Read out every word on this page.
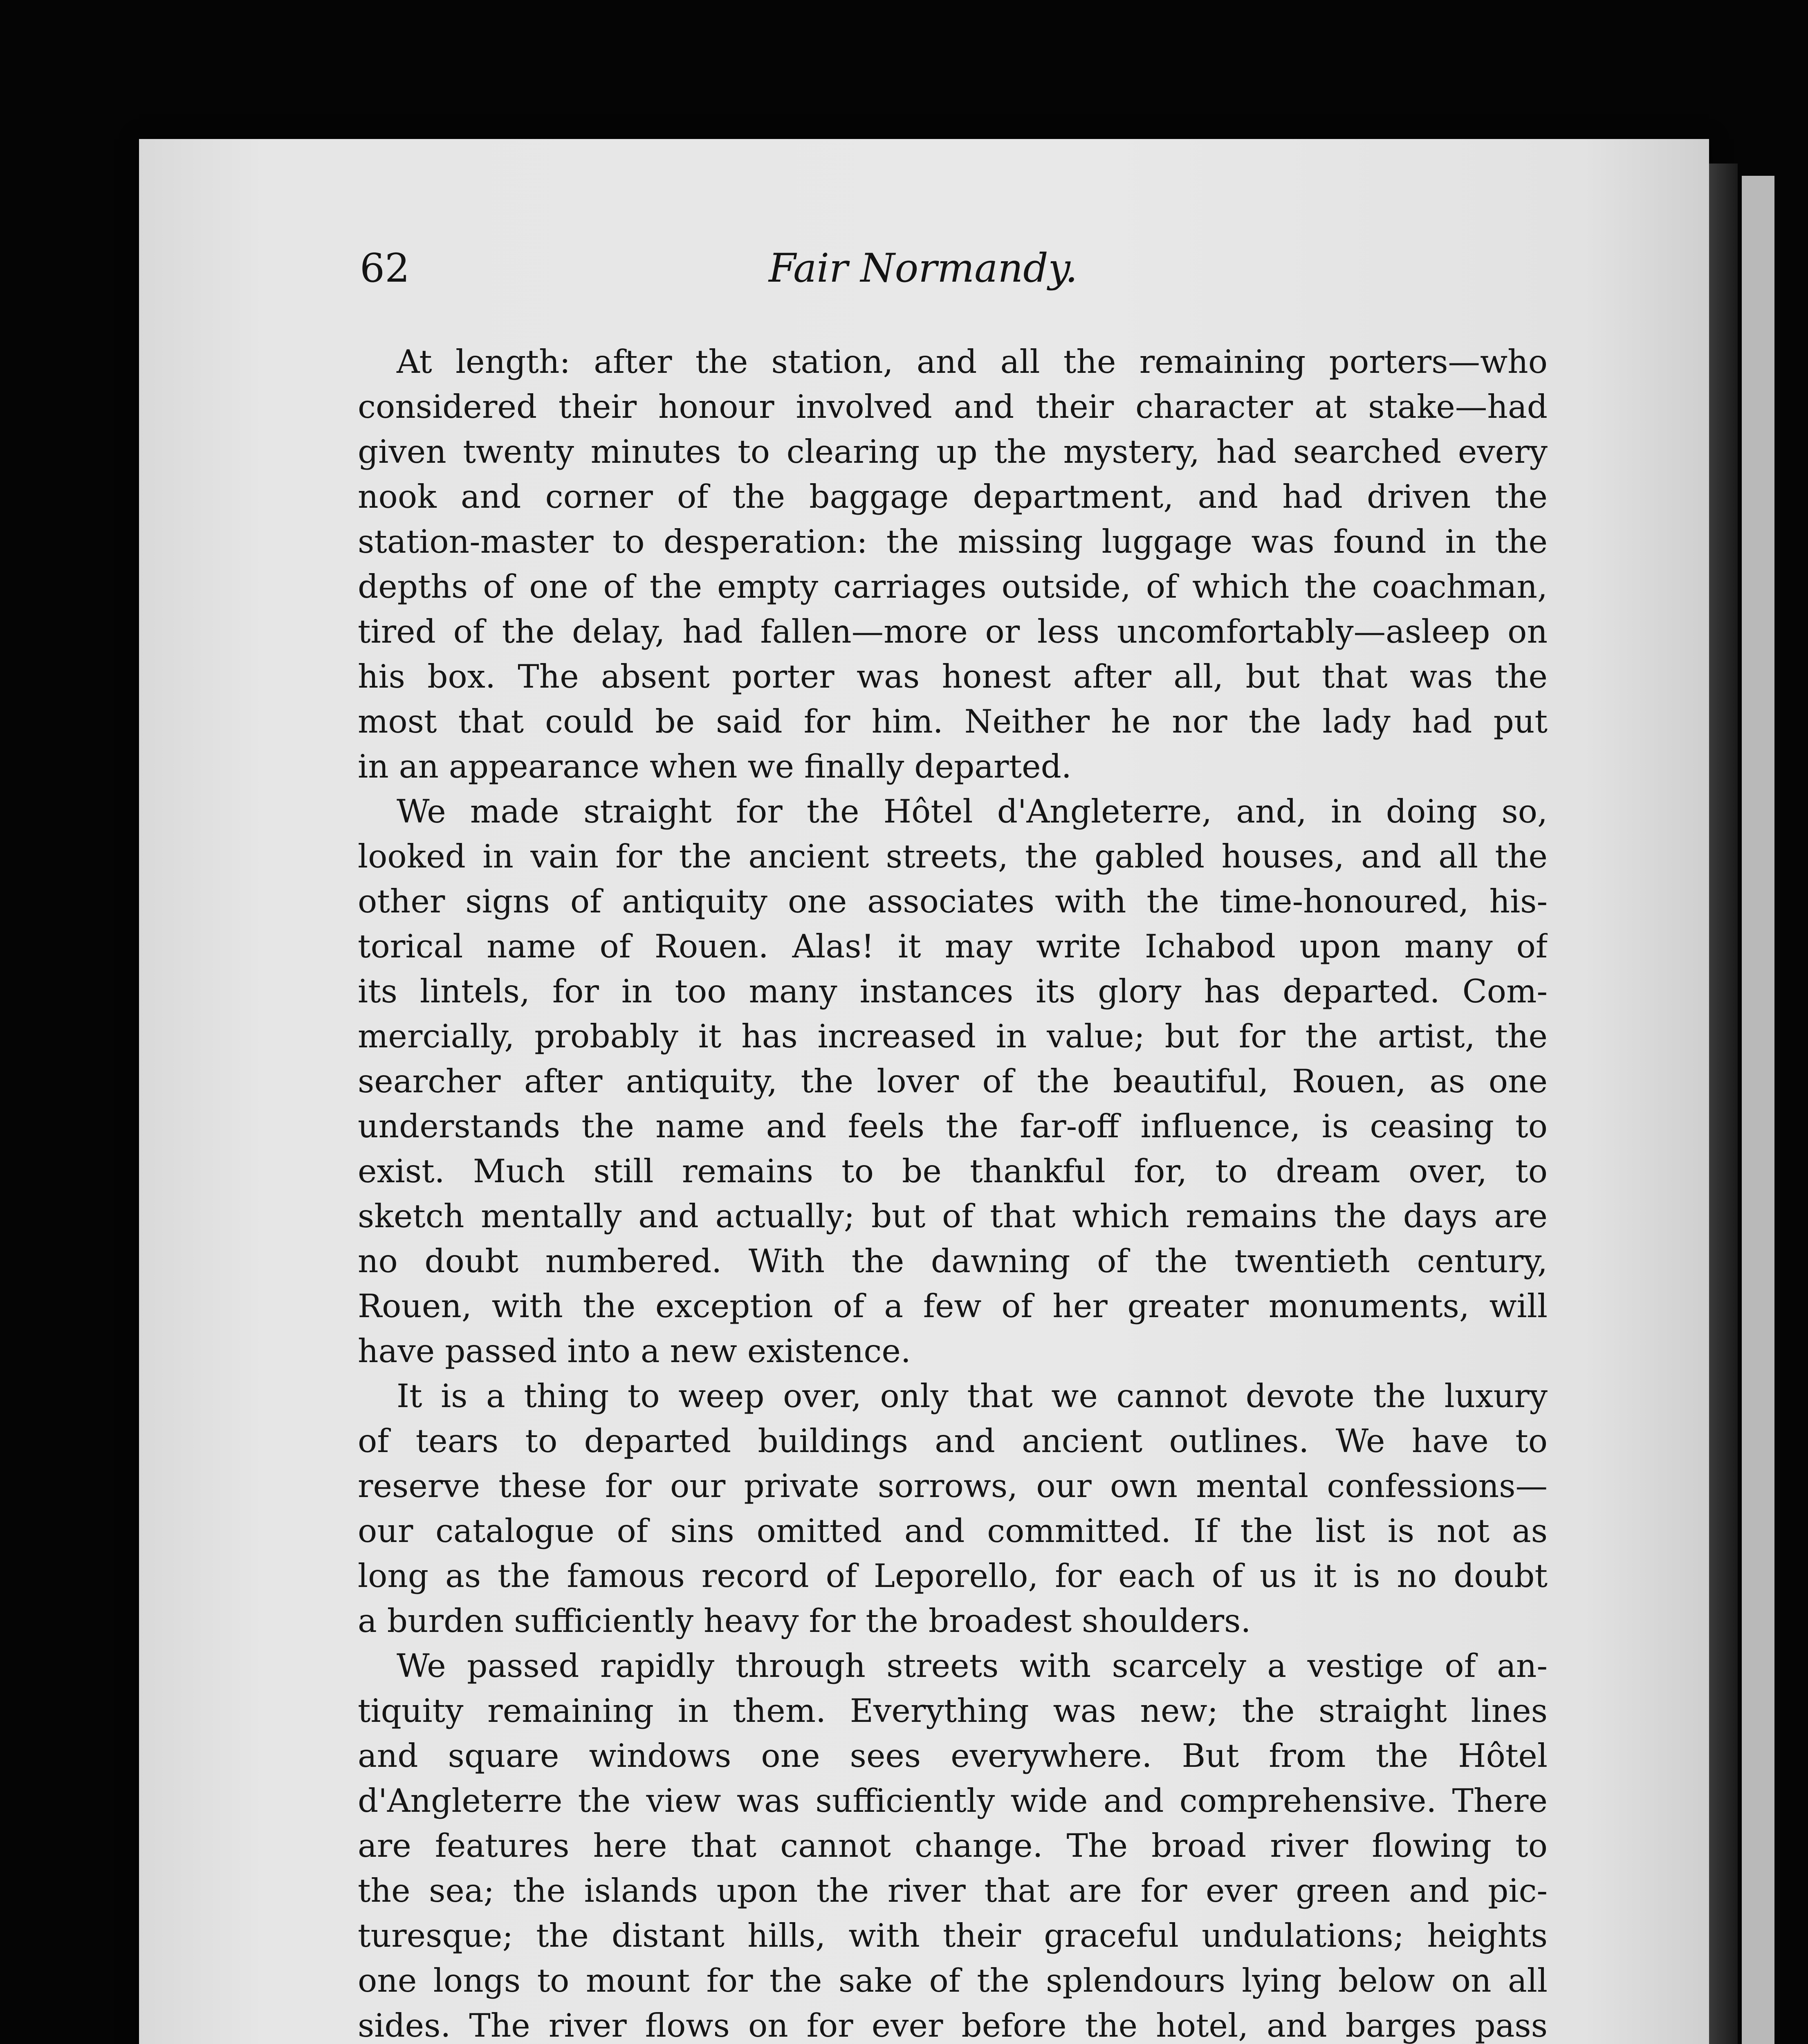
62	Fair Normandy.
At length: after the station, and all the remaining porters—who
considered their honour involved and their character at stake—had
given twenty minutes to clearing up the mystery, had searched every
nook and corner of the baggage department, and had driven the
station-master to desperation: the missing luggage was found in the
depths of one of the empty carriages outside, of which the coachman,
tired of the delay, had fallen—more or less uncomfortably—asleep on
his box. The absent porter was honest after all, but that was the
most that could be said for him. Neither he nor the lady had put
in an appearance when we finally departed.
We made straight for the Hôtel d'Angleterre, and, in doing so,
looked in vain for the ancient streets, the gabled houses, and all the
other signs of antiquity one associates with the time-honoured, his-
torical name of Rouen. Alas! it may write Ichabod upon many of
its lintels, for in too many instances its glory has departed. Com-
mercially, probably it has increased in value; but for the artist, the
searcher after antiquity, the lover of the beautiful, Rouen, as one
understands the name and feels the far-off influence, is ceasing to
exist. Much still remains to be thankful for, to dream over, to
sketch mentally and actually; but of that which remains the days are
no doubt numbered. With the dawning of the twentieth century,
Rouen, with the exception of a few of her greater monuments, will
have passed into a new existence.
It is a thing to weep over, only that we cannot devote the luxury
of tears to departed buildings and ancient outlines. We have to
reserve these for our private sorrows, our own mental confessions—
our catalogue of sins omitted and committed. If the list is not as
long as the famous record of Leporello, for each of us it is no doubt
a burden sufficiently heavy for the broadest shoulders.
We passed rapidly through streets with scarcely a vestige of an-
tiquity remaining in them. Everything was new; the straight lines
and square windows one sees everywhere. But from the Hôtel
d'Angleterre the view was sufficiently wide and comprehensive. There
are features here that cannot change. The broad river flowing to
the sea; the islands upon the river that are for ever green and pic-
turesque; the distant hills, with their graceful undulations; heights
one longs to mount for the sake of the splendours lying below on all
sides. The river flows on for ever before the hotel, and barges pass
